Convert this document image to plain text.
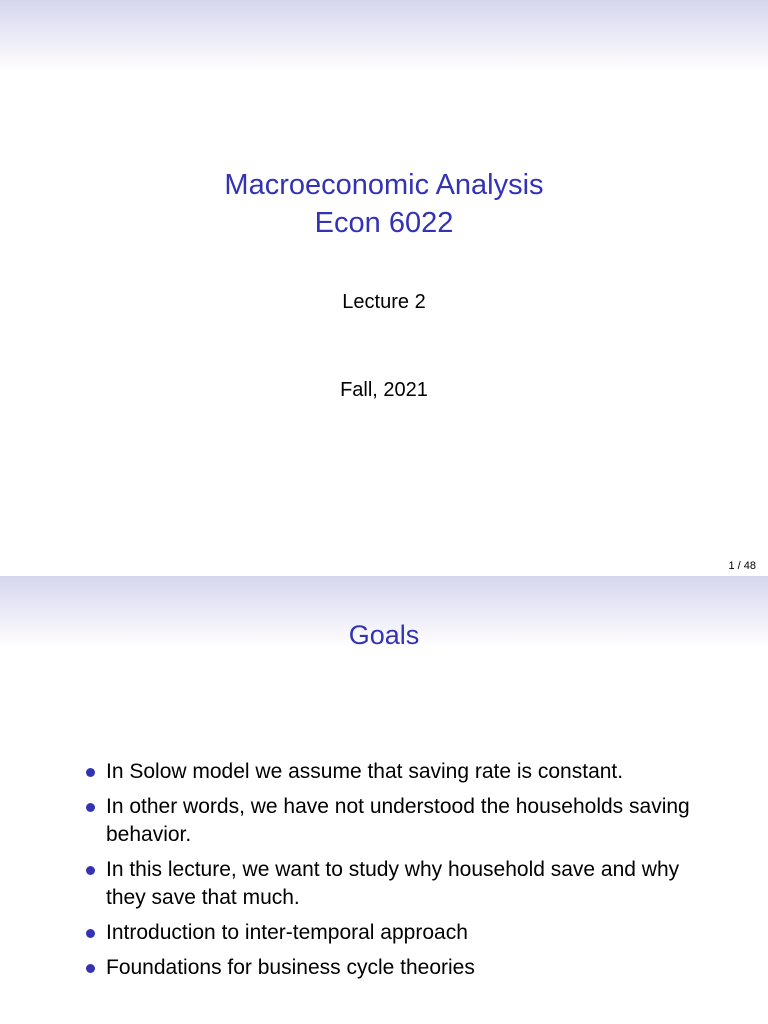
Macroeconomic Analysis
Econ 6022
Lecture 2
Fall, 2021
1 / 48
Goals
In Solow model we assume that saving rate is constant.
In other words, we have not understood the households saving behavior.
In this lecture, we want to study why household save and why they save that much.
Introduction to inter-temporal approach
Foundations for business cycle theories
